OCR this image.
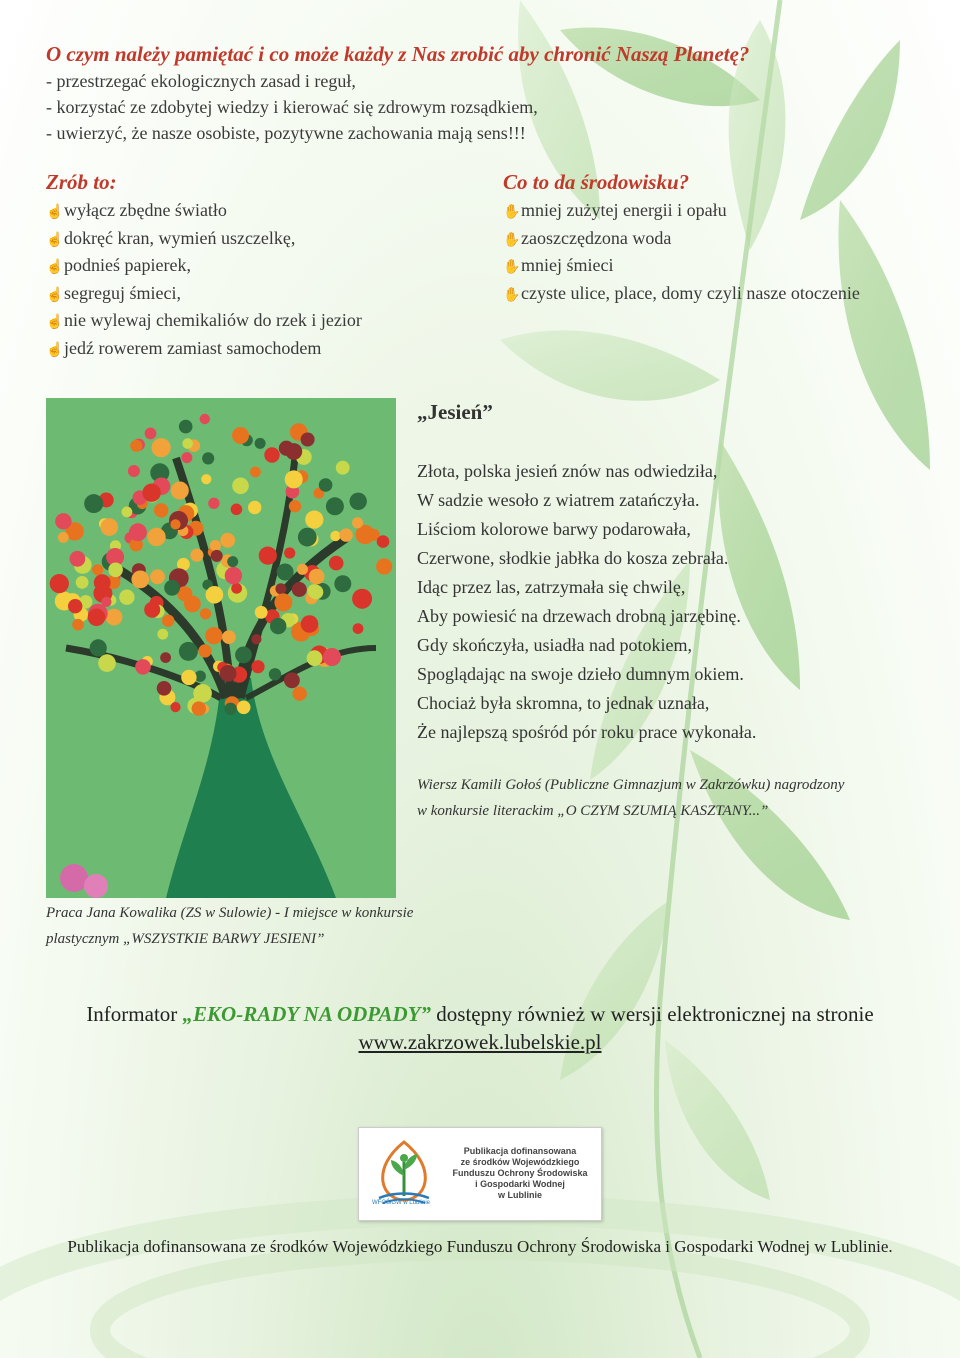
O czym należy pamiętać i co może każdy z Nas zrobić aby chronić Naszą Planetę?
- przestrzegać ekologicznych zasad i reguł,
- korzystać ze zdobytej wiedzy i kierować się zdrowym rozsądkiem,
- uwierzyć, że nasze osobiste, pozytywne zachowania mają sens!!!
Zrób to:
☝wyłącz zbędne światło
☝dokręć kran, wymień uszczelkę,
☝podnieś papierek,
☝segreguj śmieci,
☝nie wylewaj chemikaliów do rzek i jezior
☝jedź rowerem zamiast samochodem
Co to da środowisku?
✋mniej zużytej energii i opału
✋zaoszczędzona woda
✋mniej śmieci
✋czyste ulice, place, domy czyli nasze otoczenie
„Jesień”
Złota, polska jesień znów nas odwiedziła,
W sadzie wesoło z wiatrem zatańczyła.
Liściom kolorowe barwy podarowała,
Czerwone, słodkie jabłka do kosza zebrała.
Idąc przez las, zatrzymała się chwilę,
Aby powiesić na drzewach drobną jarzębinę.
Gdy skończyła, usiadła nad potokiem,
Spoglądając na swoje dzieło dumnym okiem.
Chociaż była skromna, to jednak uznała,
Że najlepszą spośród pór roku prace wykonała.
Wiersz Kamili Gołoś (Publiczne Gimnazjum w Zakrzówku) nagrodzony
w konkursie literackim „O CZYM SZUMIĄ KASZTANY...”
Praca Jana Kowalika (ZS w Sulowie) - I miejsce w konkursie
plastycznym „WSZYSTKIE BARWY JESIENI”
Informator „EKO-RADY NA ODPADY” dostępny również w wersji elektronicznej na stronie
www.zakrzowek.lubelskie.pl
WFOŚiGW w Lublinie
Publikacja dofinansowana
ze środków Wojewódzkiego
Funduszu Ochrony Środowiska
i Gospodarki Wodnej
w Lublinie
Publikacja dofinansowana ze środków Wojewódzkiego Funduszu Ochrony Środowiska i Gospodarki Wodnej w Lublinie.
